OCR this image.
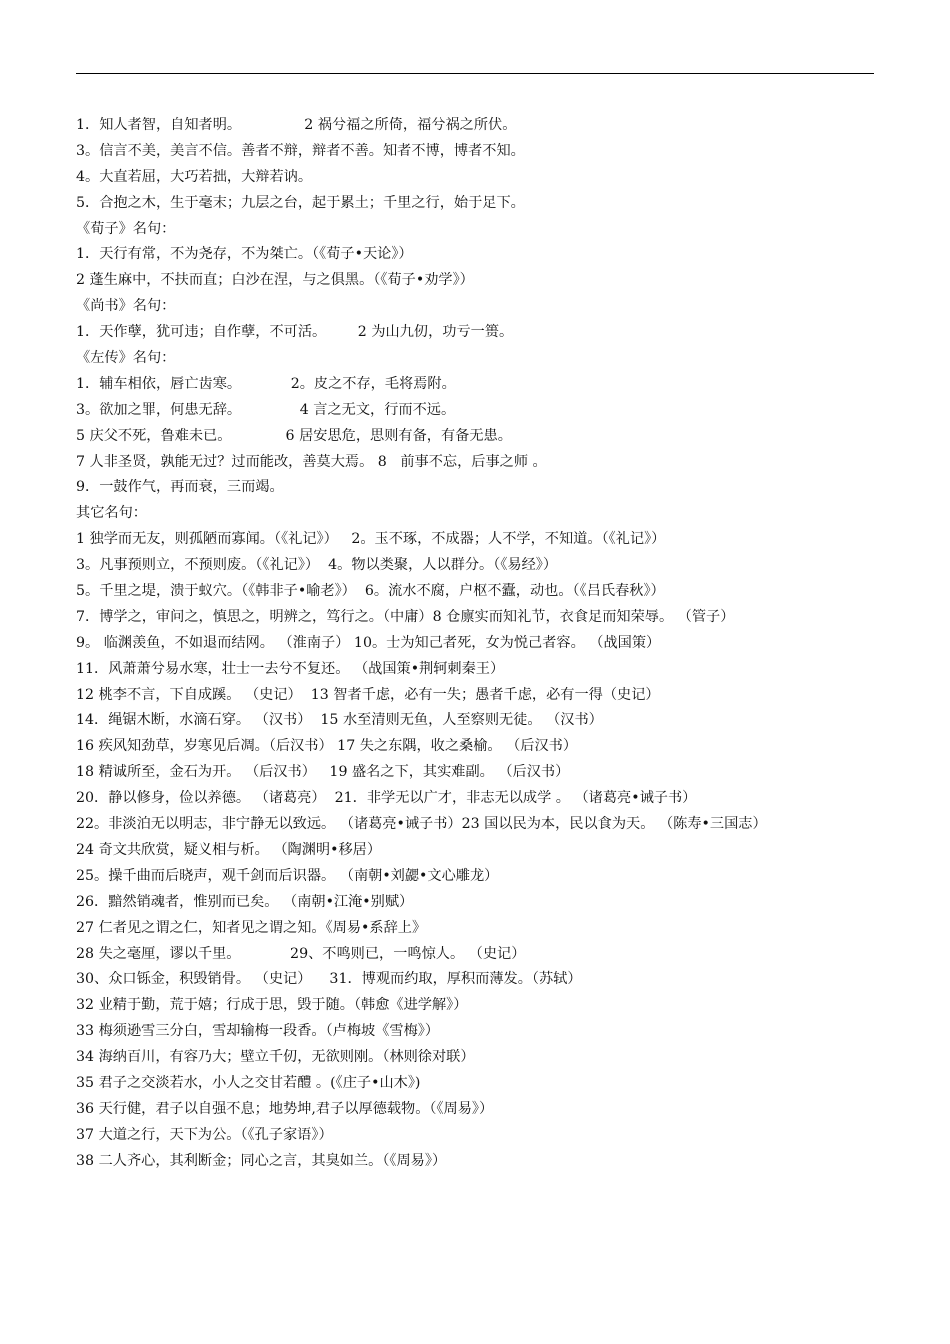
1．知人者智，自知者明。              2 祸兮福之所倚，福兮祸之所伏。
3。信言不美，美言不信。善者不辩，辩者不善。知者不博，博者不知。
4。大直若屈，大巧若拙，大辩若讷。
5．合抱之木，生于毫末；九层之台，起于累土；千里之行，始于足下。
《荀子》名句：
1．天行有常，不为尧存，不为桀亡。（《荀子•天论》）
2 蓬生麻中，不扶而直；白沙在涅，与之俱黑。（《荀子•劝学》）
《尚书》名句：
1．天作孽，犹可违；自作孽，不可活。       2 为山九仞，功亏一篑。
《左传》名句：
1．辅车相依，唇亡齿寒。           2。皮之不存，毛将焉附。
3。欲加之罪，何患无辞。             4 言之无文，行而不远。
5 庆父不死，鲁难未已。            6 居安思危，思则有备，有备无患。
7 人非圣贤，孰能无过？过而能改，善莫大焉。 8   前事不忘，后事之师 。
9．一鼓作气，再而衰，三而竭。
其它名句：
1 独学而无友，则孤陋而寡闻。（《礼记》）   2。玉不琢，不成器；人不学，不知道。（《礼记》）
3。凡事预则立，不预则废。（《礼记》）  4。物以类聚，人以群分。（《易经》）
5。千里之堤，溃于蚁穴。（《韩非子•喻老》）  6。流水不腐，户枢不蠹，动也。（《吕氏春秋》）
7．博学之，审问之，慎思之，明辨之，笃行之。（中庸）8 仓廪实而知礼节，衣食足而知荣辱。 （管子）
9。 临渊羡鱼，不如退而结网。 （淮南子） 10。士为知己者死，女为悦己者容。 （战国策）
11．风萧萧兮易水寒，壮士一去兮不复还。 （战国策•荆轲刺秦王）
12 桃李不言，下自成蹊。 （史记）  13 智者千虑，必有一失；愚者千虑，必有一得（史记）
14．绳锯木断，水滴石穿。 （汉书）  15 水至清则无鱼，人至察则无徒。 （汉书）
16 疾风知劲草，岁寒见后凋。（后汉书） 17 失之东隅，收之桑榆。 （后汉书）
18 精诚所至，金石为开。 （后汉书）   19 盛名之下，其实难副。 （后汉书）
20．静以修身，俭以养德。 （诸葛亮）  21．非学无以广才，非志无以成学 。 （诸葛亮•诫子书）
22。非淡泊无以明志，非宁静无以致远。 （诸葛亮•诫子书）23 国以民为本，民以食为天。 （陈寿•三国志）
24 奇文共欣赏，疑义相与析。 （陶渊明•移居）
25。操千曲而后晓声，观千剑而后识器。 （南朝•刘勰•文心雕龙）
26．黯然销魂者，惟别而已矣。 （南朝•江淹•别赋）
27 仁者见之谓之仁，知者见之谓之知。《周易•系辞上》
28 失之毫厘，谬以千里。           29、不鸣则已，一鸣惊人。 （史记）
30、众口铄金，积毁销骨。 （史记）    31．博观而约取，厚积而薄发。（苏轼）
32 业精于勤，荒于嬉；行成于思，毁于随。（韩愈《进学解》）
33 梅须逊雪三分白，雪却输梅一段香。（卢梅坡《雪梅》）
34 海纳百川，有容乃大；壁立千仞，无欲则刚。（林则徐对联）
35 君子之交淡若水，小人之交甘若醴 。(《庄子•山木》)
36 天行健，君子以自强不息；地势坤,君子以厚德载物。（《周易》）
37 大道之行，天下为公。（《孔子家语》）
38 二人齐心，其利断金；同心之言，其臭如兰。（《周易》）
